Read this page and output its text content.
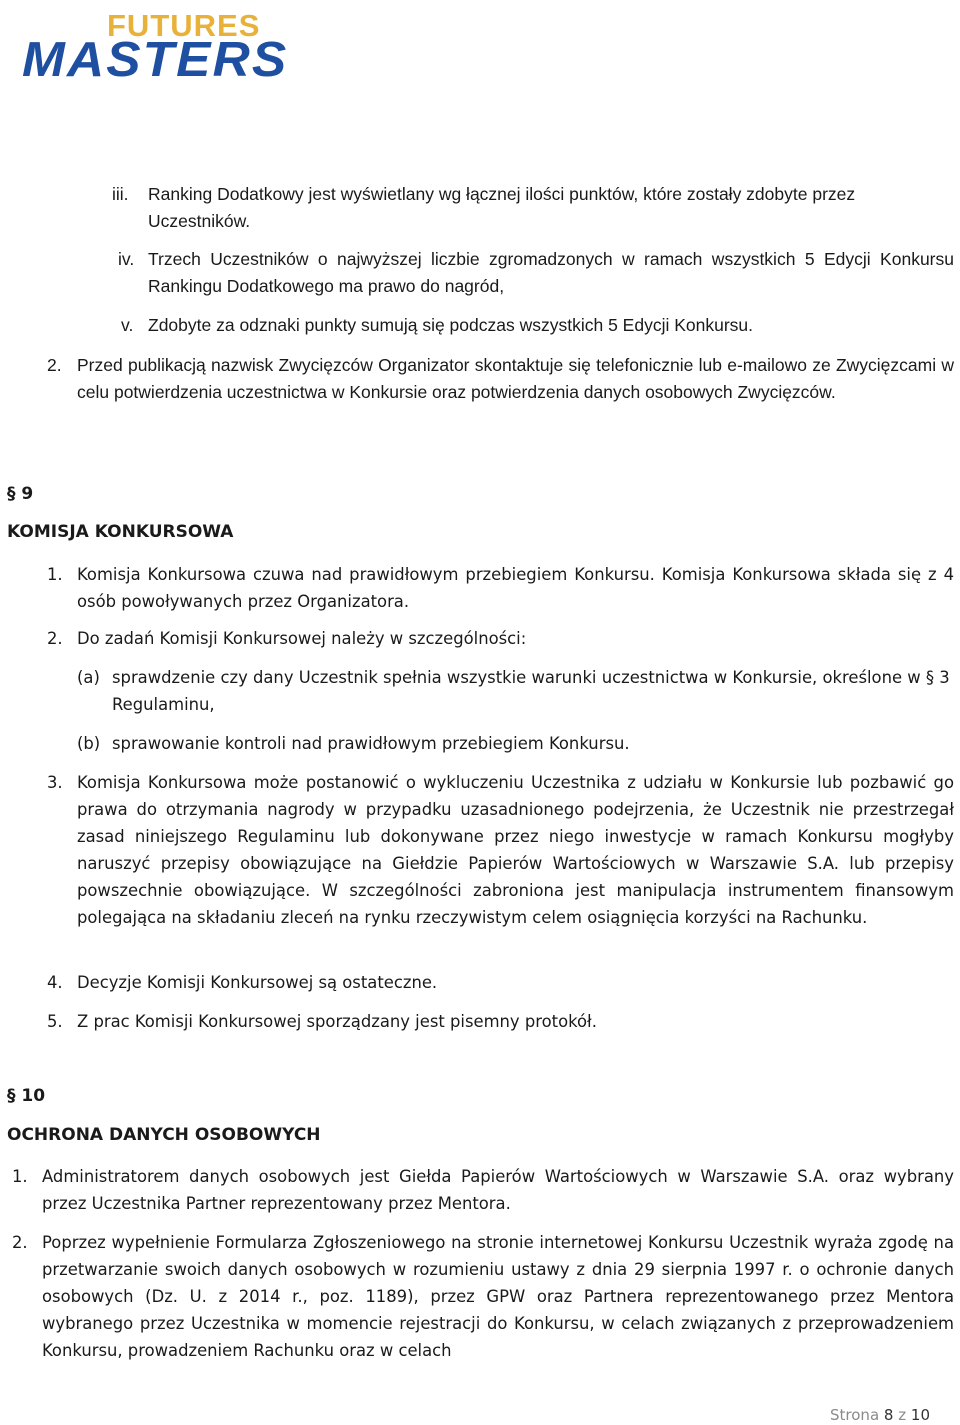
FUTURES
MASTERS
iii. Ranking Dodatkowy jest wyświetlany wg łącznej ilości punktów, które zostały zdobyte przez Uczestników.
iv. Trzech Uczestników o najwyższej liczbie zgromadzonych w ramach wszystkich 5 Edycji Konkursu Rankingu Dodatkowego ma prawo do nagród,
v. Zdobyte za odznaki punkty sumują się podczas wszystkich 5 Edycji Konkursu.
2. Przed publikacją nazwisk Zwycięzców Organizator skontaktuje się telefonicznie lub e-mailowo ze Zwycięzcami w celu potwierdzenia uczestnictwa w Konkursie oraz potwierdzenia danych osobowych Zwycięzców.
§ 9
KOMISJA KONKURSOWA
1. Komisja Konkursowa czuwa nad prawidłowym przebiegiem Konkursu. Komisja Konkursowa składa się z 4 osób powoływanych przez Organizatora.
2. Do zadań Komisji Konkursowej należy w szczególności:
(a) sprawdzenie czy dany Uczestnik spełnia wszystkie warunki uczestnictwa w Konkursie, określone w § 3 Regulaminu,
(b) sprawowanie kontroli nad prawidłowym przebiegiem Konkursu.
3. Komisja Konkursowa może postanowić o wykluczeniu Uczestnika z udziału w Konkursie lub pozbawić go prawa do otrzymania nagrody w przypadku uzasadnionego podejrzenia, że Uczestnik nie przestrzegał zasad niniejszego Regulaminu lub dokonywane przez niego inwestycje w ramach Konkursu mogłyby naruszyć przepisy obowiązujące na Giełdzie Papierów Wartościowych w Warszawie S.A. lub przepisy powszechnie obowiązujące. W szczególności zabroniona jest manipulacja instrumentem finansowym polegająca na składaniu zleceń na rynku rzeczywistym celem osiągnięcia korzyści na Rachunku.
4. Decyzje Komisji Konkursowej są ostateczne.
5. Z prac Komisji Konkursowej sporządzany jest pisemny protokół.
§ 10
OCHRONA DANYCH OSOBOWYCH
1. Administratorem danych osobowych jest Giełda Papierów Wartościowych w Warszawie S.A. oraz wybrany przez Uczestnika Partner reprezentowany przez Mentora.
2. Poprzez wypełnienie Formularza Zgłoszeniowego na stronie internetowej Konkursu Uczestnik wyraża zgodę na przetwarzanie swoich danych osobowych w rozumieniu ustawy z dnia 29 sierpnia 1997 r. o ochronie danych osobowych (Dz. U. z 2014 r., poz. 1189), przez GPW oraz Partnera reprezentowanego przez Mentora wybranego przez Uczestnika w momencie rejestracji do Konkursu, w celach związanych z przeprowadzeniem Konkursu, prowadzeniem Rachunku oraz w celach
Strona 8 z 10
